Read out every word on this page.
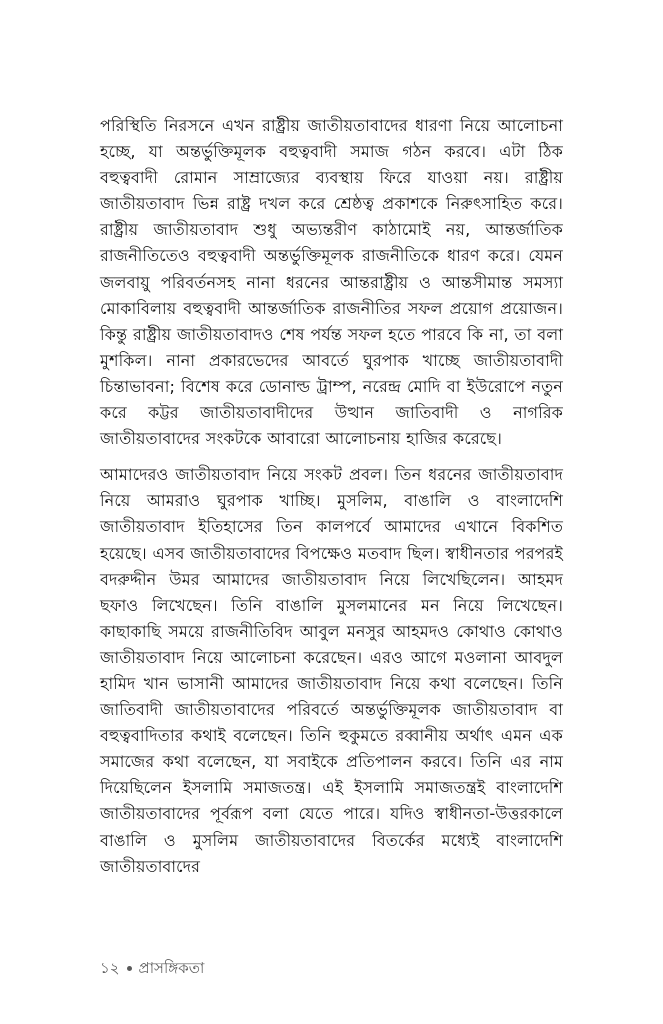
পরিস্থিতি নিরসনে এখন রাষ্ট্রীয় জাতীয়তাবাদের ধারণা নিয়ে আলোচনা হচ্ছে, যা অন্তর্ভুক্তিমূলক বহুত্ববাদী সমাজ গঠন করবে। এটা ঠিক বহুত্ববাদী রোমান সাম্রাজ্যের ব্যবস্থায় ফিরে যাওয়া নয়। রাষ্ট্রীয় জাতীয়তাবাদ ভিন্ন রাষ্ট্র দখল করে শ্রেষ্ঠত্ব প্রকাশকে নিরুৎসাহিত করে। রাষ্ট্রীয় জাতীয়তাবাদ শুধু অভ্যন্তরীণ কাঠামোই নয়, আন্তর্জাতিক রাজনীতিতেও বহুত্ববাদী অন্তর্ভুক্তিমূলক রাজনীতিকে ধারণ করে। যেমন জলবায়ু পরিবর্তনসহ নানা ধরনের আন্তরাষ্ট্রীয় ও আন্তসীমান্ত সমস্যা মোকাবিলায় বহুত্ববাদী আন্তর্জাতিক রাজনীতির সফল প্রয়োগ প্রয়োজন। কিন্তু রাষ্ট্রীয় জাতীয়তাবাদও শেষ পর্যন্ত সফল হতে পারবে কি না, তা বলা মুশকিল। নানা প্রকারভেদের আবর্তে ঘুরপাক খাচ্ছে জাতীয়তাবাদী চিন্তাভাবনা; বিশেষ করে ডোনাল্ড ট্রাম্প, নরেন্দ্র মোদি বা ইউরোপে নতুন করে কট্টর জাতীয়তাবাদীদের উত্থান জাতিবাদী ও নাগরিক জাতীয়তাবাদের সংকটকে আবারো আলোচনায় হাজির করেছে।

আমাদেরও জাতীয়তাবাদ নিয়ে সংকট প্রবল। তিন ধরনের জাতীয়তাবাদ নিয়ে আমরাও ঘুরপাক খাচ্ছি। মুসলিম, বাঙালি ও বাংলাদেশি জাতীয়তাবাদ ইতিহাসের তিন কালপর্বে আমাদের এখানে বিকশিত হয়েছে। এসব জাতীয়তাবাদের বিপক্ষেও মতবাদ ছিল। স্বাধীনতার পরপরই বদরুদ্দীন উমর আমাদের জাতীয়তাবাদ নিয়ে লিখেছিলেন। আহমদ ছফাও লিখেছেন। তিনি বাঙালি মুসলমানের মন নিয়ে লিখেছেন। কাছাকাছি সময়ে রাজনীতিবিদ আবুল মনসুর আহমদও কোথাও কোথাও জাতীয়তাবাদ নিয়ে আলোচনা করেছেন। এরও আগে মওলানা আবদুল হামিদ খান ভাসানী আমাদের জাতীয়তাবাদ নিয়ে কথা বলেছেন। তিনি জাতিবাদী জাতীয়তাবাদের পরিবর্তে অন্তর্ভুক্তিমূলক জাতীয়তাবাদ বা বহুত্ববাদিতার কথাই বলেছেন। তিনি হুকুমতে রব্বানীয় অর্থাৎ এমন এক সমাজের কথা বলেছেন, যা সবাইকে প্রতিপালন করবে। তিনি এর নাম দিয়েছিলেন ইসলামি সমাজতন্ত্র। এই ইসলামি সমাজতন্ত্রই বাংলাদেশি জাতীয়তাবাদের পূর্বরূপ বলা যেতে পারে। যদিও স্বাধীনতা-উত্তরকালে বাঙালি ও মুসলিম জাতীয়তাবাদের বিতর্কের মধ্যেই বাংলাদেশি জাতীয়তাবাদের

১২ প্রাসঙ্গিকতা
